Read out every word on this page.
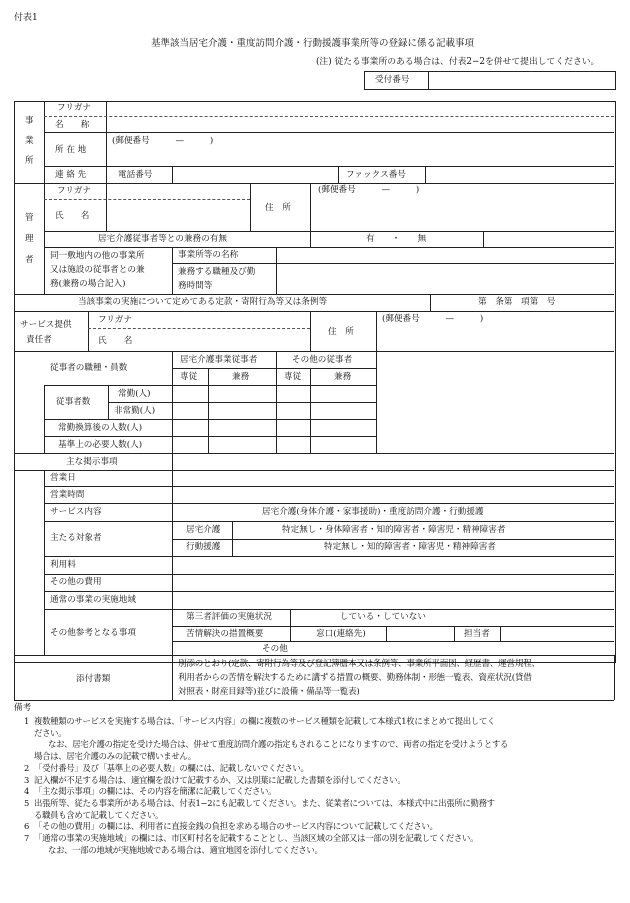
付表1
基準該当居宅介護・重度訪問介護・行動援護事業所等の登録に係る記載事項
(注) 従たる事業所のある場合は、付表2−2を併せて提出してください。
受付番号
事
業
所
フリガナ
名　　称
所 在 地
(郵便番号　　　—　　　)
連 絡 先	電話番号	ファックス番号
管
理
者
フリガナ
氏　　名
住　所
(郵便番号　　　—　　　)
居宅介護従事者等との兼務の有無	有　　・　　無
同一敷地内の他の事業所
又は施設の従事者との兼
務(兼務の場合記入)
事業所等の名称
兼務する職種及び勤
務時間等
当該事業の実施について定めてある定款・寄附行為等又は条例等	第　条第　項第　号
サービス提供
責任者
フリガナ
氏　　名
住　所
(郵便番号　　　—　　　)
従事者の職種・員数
居宅介護事業従事者	その他の従事者
専従	兼務	専従	兼務
従事者数
常勤(人)
非常勤(人)
常勤換算後の人数(人)
基準上の必要人数(人)
主な掲示事項
営業日
営業時間
サービス内容	居宅介護(身体介護・家事援助)・重度訪問介護・行動援護
主たる対象者
居宅介護	特定無し・身体障害者・知的障害者・障害児・精神障害者
行動援護	特定無し・知的障害者・障害児・精神障害者
利用料
その他の費用
通常の事業の実施地域
その他参考となる事項
第三者評価の実施状況	している・していない
苦情解決の措置概要	窓口(連絡先)	担当者
その他
添付書類
別添のとおり(定款、寄附行為等及び登記簿謄本又は条例等、事業所平面図、経歴書、運営規程、
利用者からの苦情を解決するために講ずる措置の概要、勤務体制・形態一覧表、資産状況(貸借
対照表・財産目録等)並びに設備・備品等一覧表)
備考
1 複数種類のサービスを実施する場合は、「サービス内容」の欄に複数のサービス種類を記載して本様式1枚にまとめて提出してく
ださい。
なお、居宅介護の指定を受けた場合は、併せて重度訪問介護の指定もされることになりますので、両者の指定を受けようとする
場合は、居宅介護のみの記載で構いません。
2 「受付番号」及び「基準上の必要人数」の欄には、記載しないでください。
3 記入欄が不足する場合は、適宜欄を設けて記載するか、又は別葉に記載した書類を添付してください。
4 「主な掲示事項」の欄には、その内容を簡潔に記載してください。
5 出張所等、従たる事業所がある場合は、付表1−2にも記載してください。また、従業者については、本様式中に出張所に勤務す
る職員も含めて記載してください。
6 「その他の費用」の欄には、利用者に直接金銭の負担を求める場合のサービス内容について記載してください。
7 「通常の事業の実施地域」の欄には、市区町村名を記載することとし、当該区域の全部又は一部の別を記載してください。
なお、一部の地域が実施地域である場合は、適宜地図を添付してください。
